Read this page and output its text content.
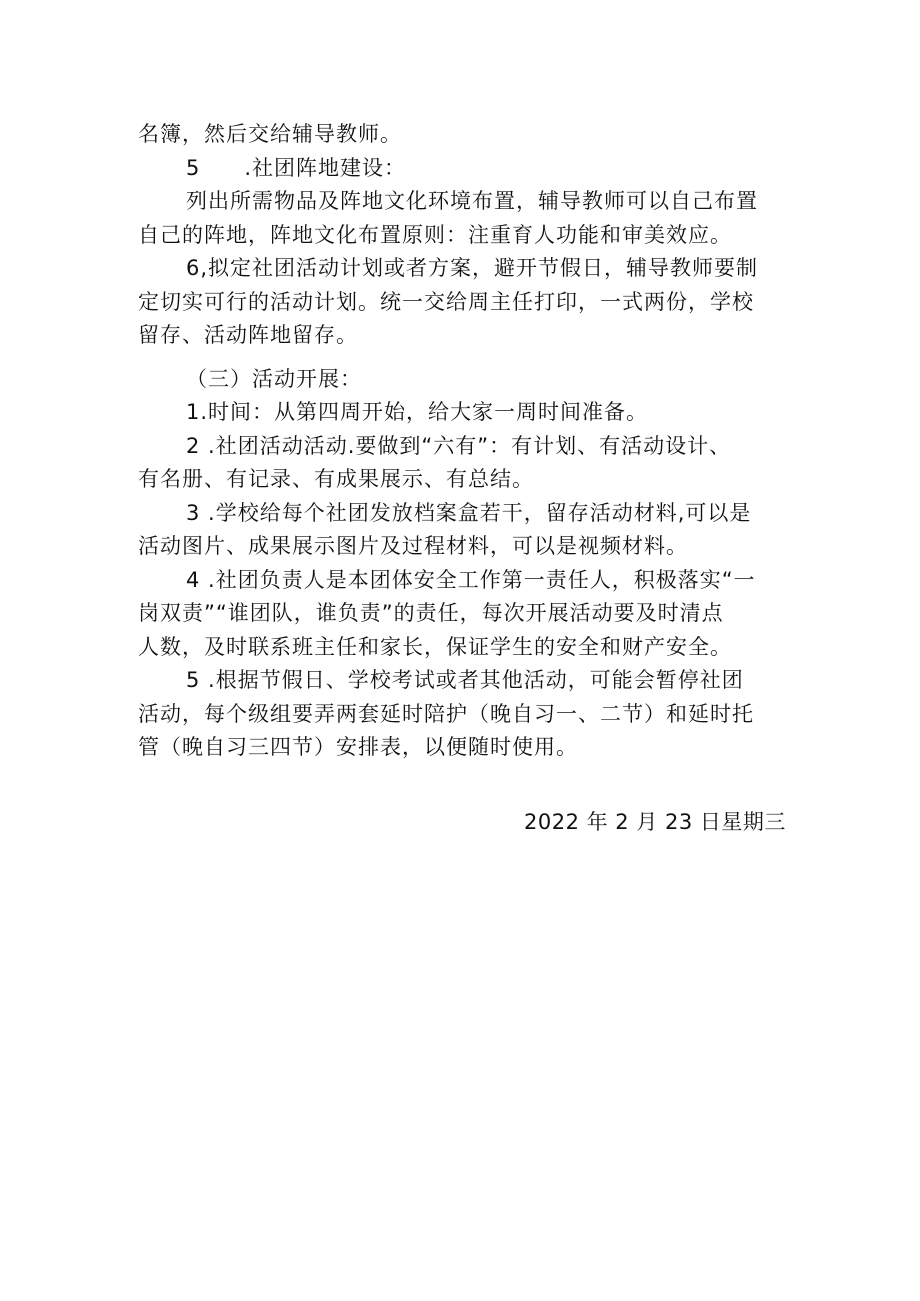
名簿，然后交给辅导教师。
5　　.社团阵地建设：
列出所需物品及阵地文化环境布置，辅导教师可以自己布置
自己的阵地，阵地文化布置原则：注重育人功能和审美效应。
6,拟定社团活动计划或者方案，避开节假日，辅导教师要制
定切实可行的活动计划。统一交给周主任打印，一式两份，学校
留存、活动阵地留存。
（三）活动开展：
1.时间：从第四周开始，给大家一周时间准备。
2 .社团活动活动.要做到“六有”：有计划、有活动设计、
有名册、有记录、有成果展示、有总结。
3 .学校给每个社团发放档案盒若干，留存活动材料,可以是
活动图片、成果展示图片及过程材料，可以是视频材料。
4 .社团负责人是本团体安全工作第一责任人，积极落实“一
岗双责”“谁团队，谁负责”的责任，每次开展活动要及时清点
人数，及时联系班主任和家长，保证学生的安全和财产安全。
5 .根据节假日、学校考试或者其他活动，可能会暂停社团
活动，每个级组要弄两套延时陪护（晚自习一、二节）和延时托
管（晚自习三四节）安排表，以便随时使用。
2022 年 2 月 23 日星期三
